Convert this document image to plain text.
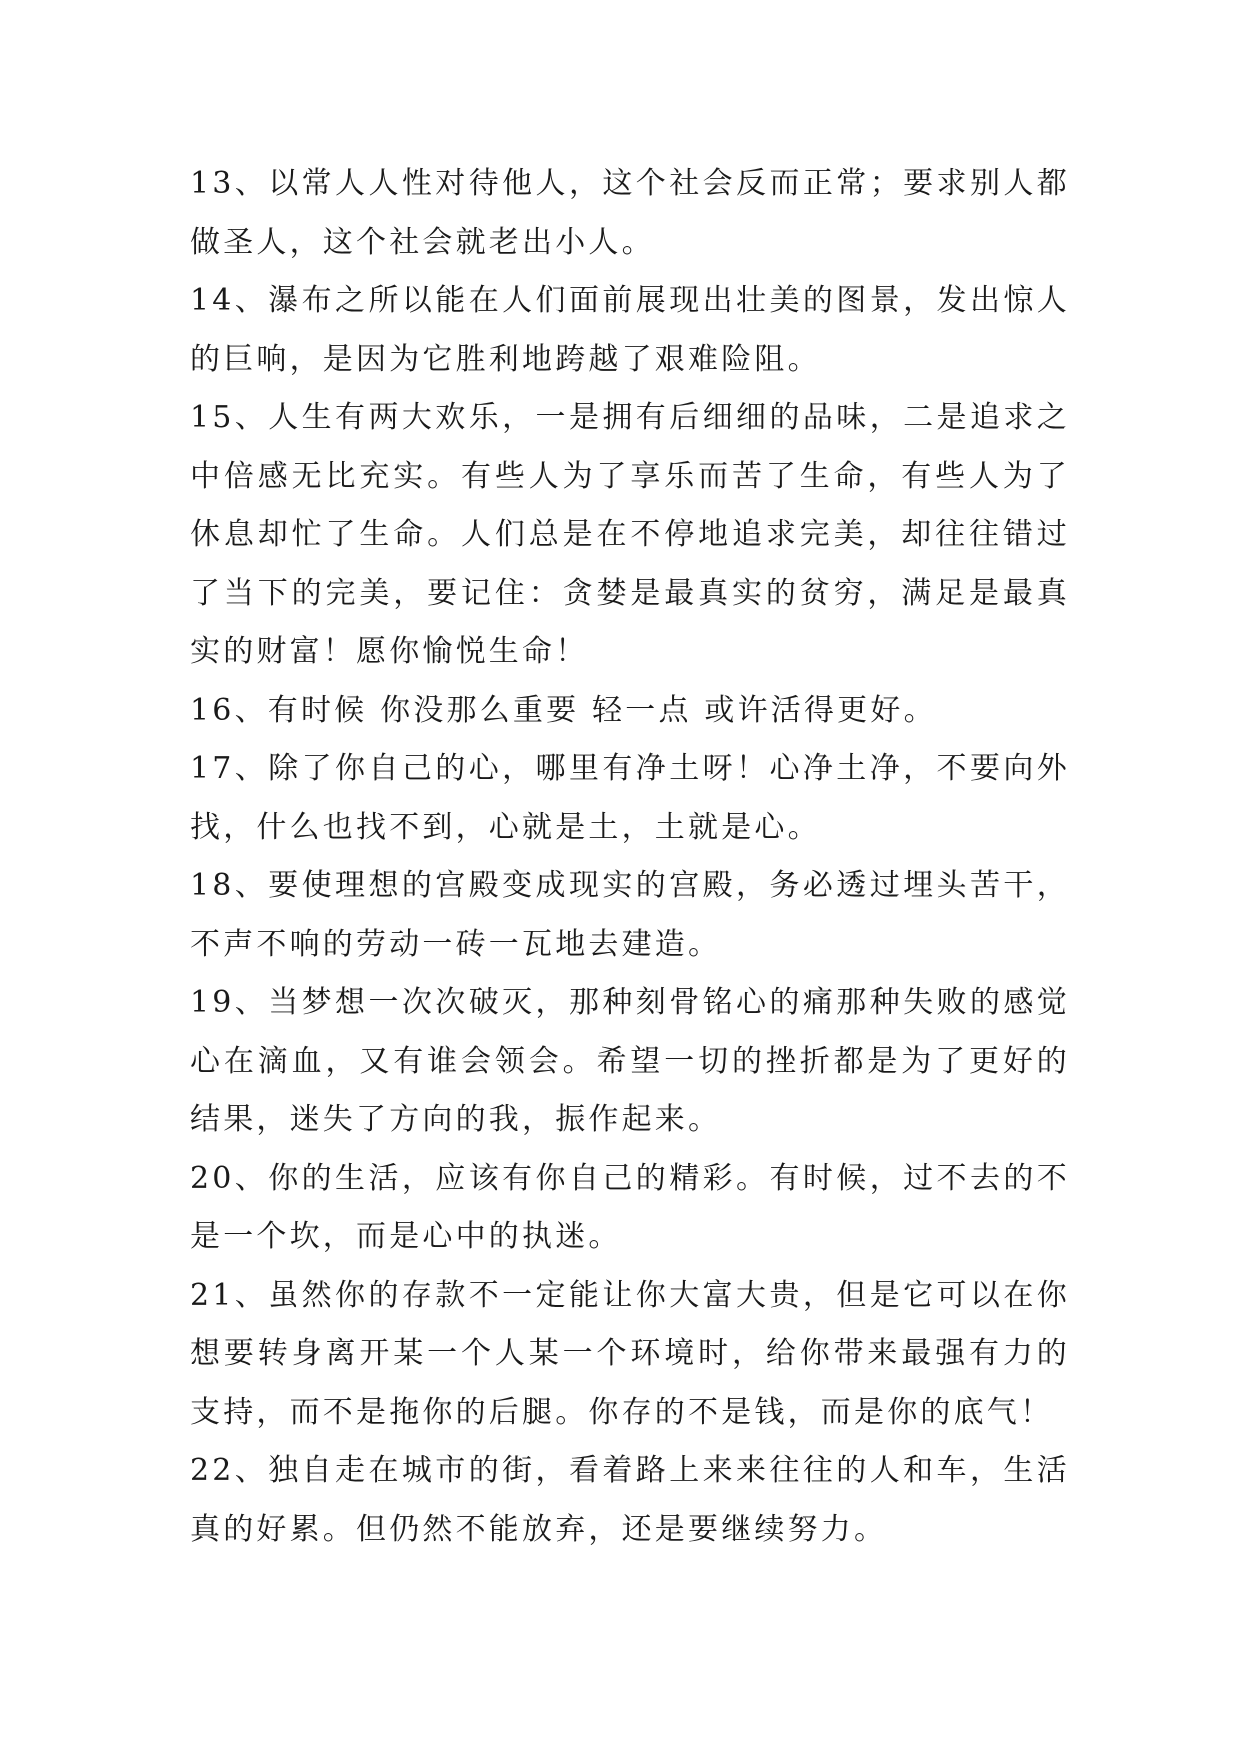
13、以常人人性对待他人，这个社会反而正常；要求别人都做圣人，这个社会就老出小人。

14、瀑布之所以能在人们面前展现出壮美的图景，发出惊人的巨响，是因为它胜利地跨越了艰难险阻。

15、人生有两大欢乐，一是拥有后细细的品味，二是追求之中倍感无比充实。有些人为了享乐而苦了生命，有些人为了休息却忙了生命。人们总是在不停地追求完美，却往往错过了当下的完美，要记住：贪婪是最真实的贫穷，满足是最真实的财富！愿你愉悦生命！

16、有时候 你没那么重要 轻一点 或许活得更好。

17、除了你自己的心，哪里有净土呀！心净土净，不要向外找，什么也找不到，心就是土，土就是心。

18、要使理想的宫殿变成现实的宫殿，务必透过埋头苦干，不声不响的劳动一砖一瓦地去建造。

19、当梦想一次次破灭，那种刻骨铭心的痛那种失败的感觉心在滴血，又有谁会领会。希望一切的挫折都是为了更好的结果，迷失了方向的我，振作起来。

20、你的生活，应该有你自己的精彩。有时候，过不去的不是一个坎，而是心中的执迷。

21、虽然你的存款不一定能让你大富大贵，但是它可以在你想要转身离开某一个人某一个环境时，给你带来最强有力的支持，而不是拖你的后腿。你存的不是钱，而是你的底气！

22、独自走在城市的街，看着路上来来往往的人和车，生活真的好累。但仍然不能放弃，还是要继续努力。
